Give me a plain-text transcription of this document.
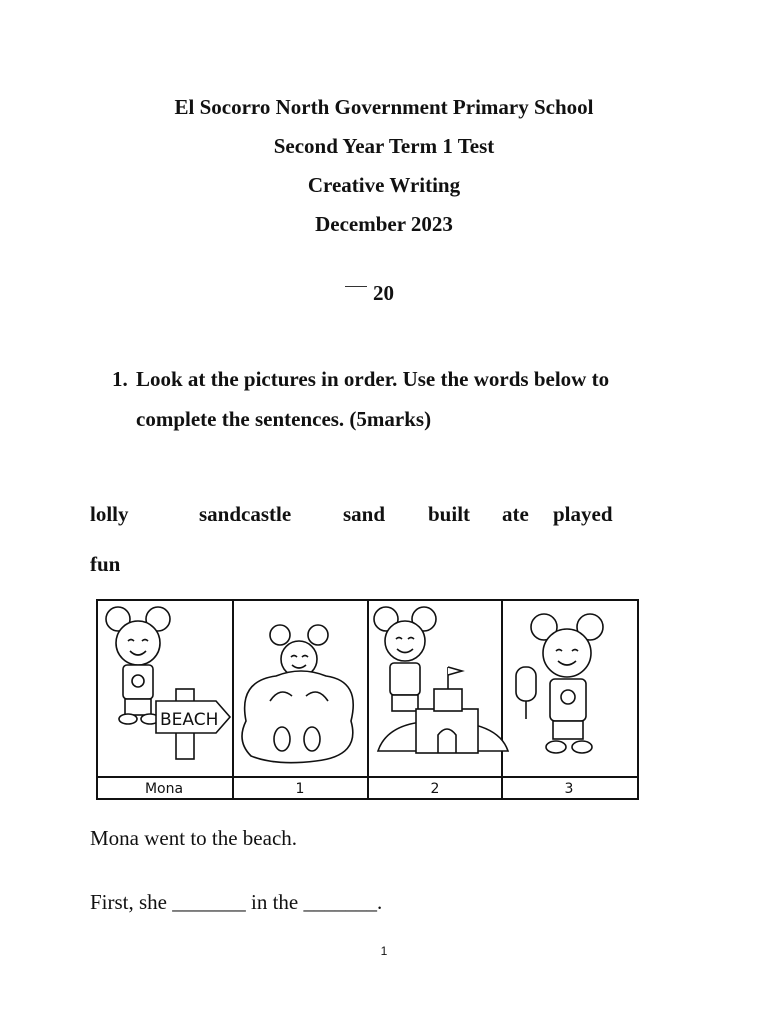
El Socorro North Government Primary School
Second Year Term 1 Test
Creative Writing
December 2023
20
1. Look at the pictures in order. Use the words below to
complete the sentences. (5marks)
lolly	sandcastle sand built ate played
fun
BEACH
Mona	1	2	3
Mona went to the beach.
First, she _______ in the _______.
1
